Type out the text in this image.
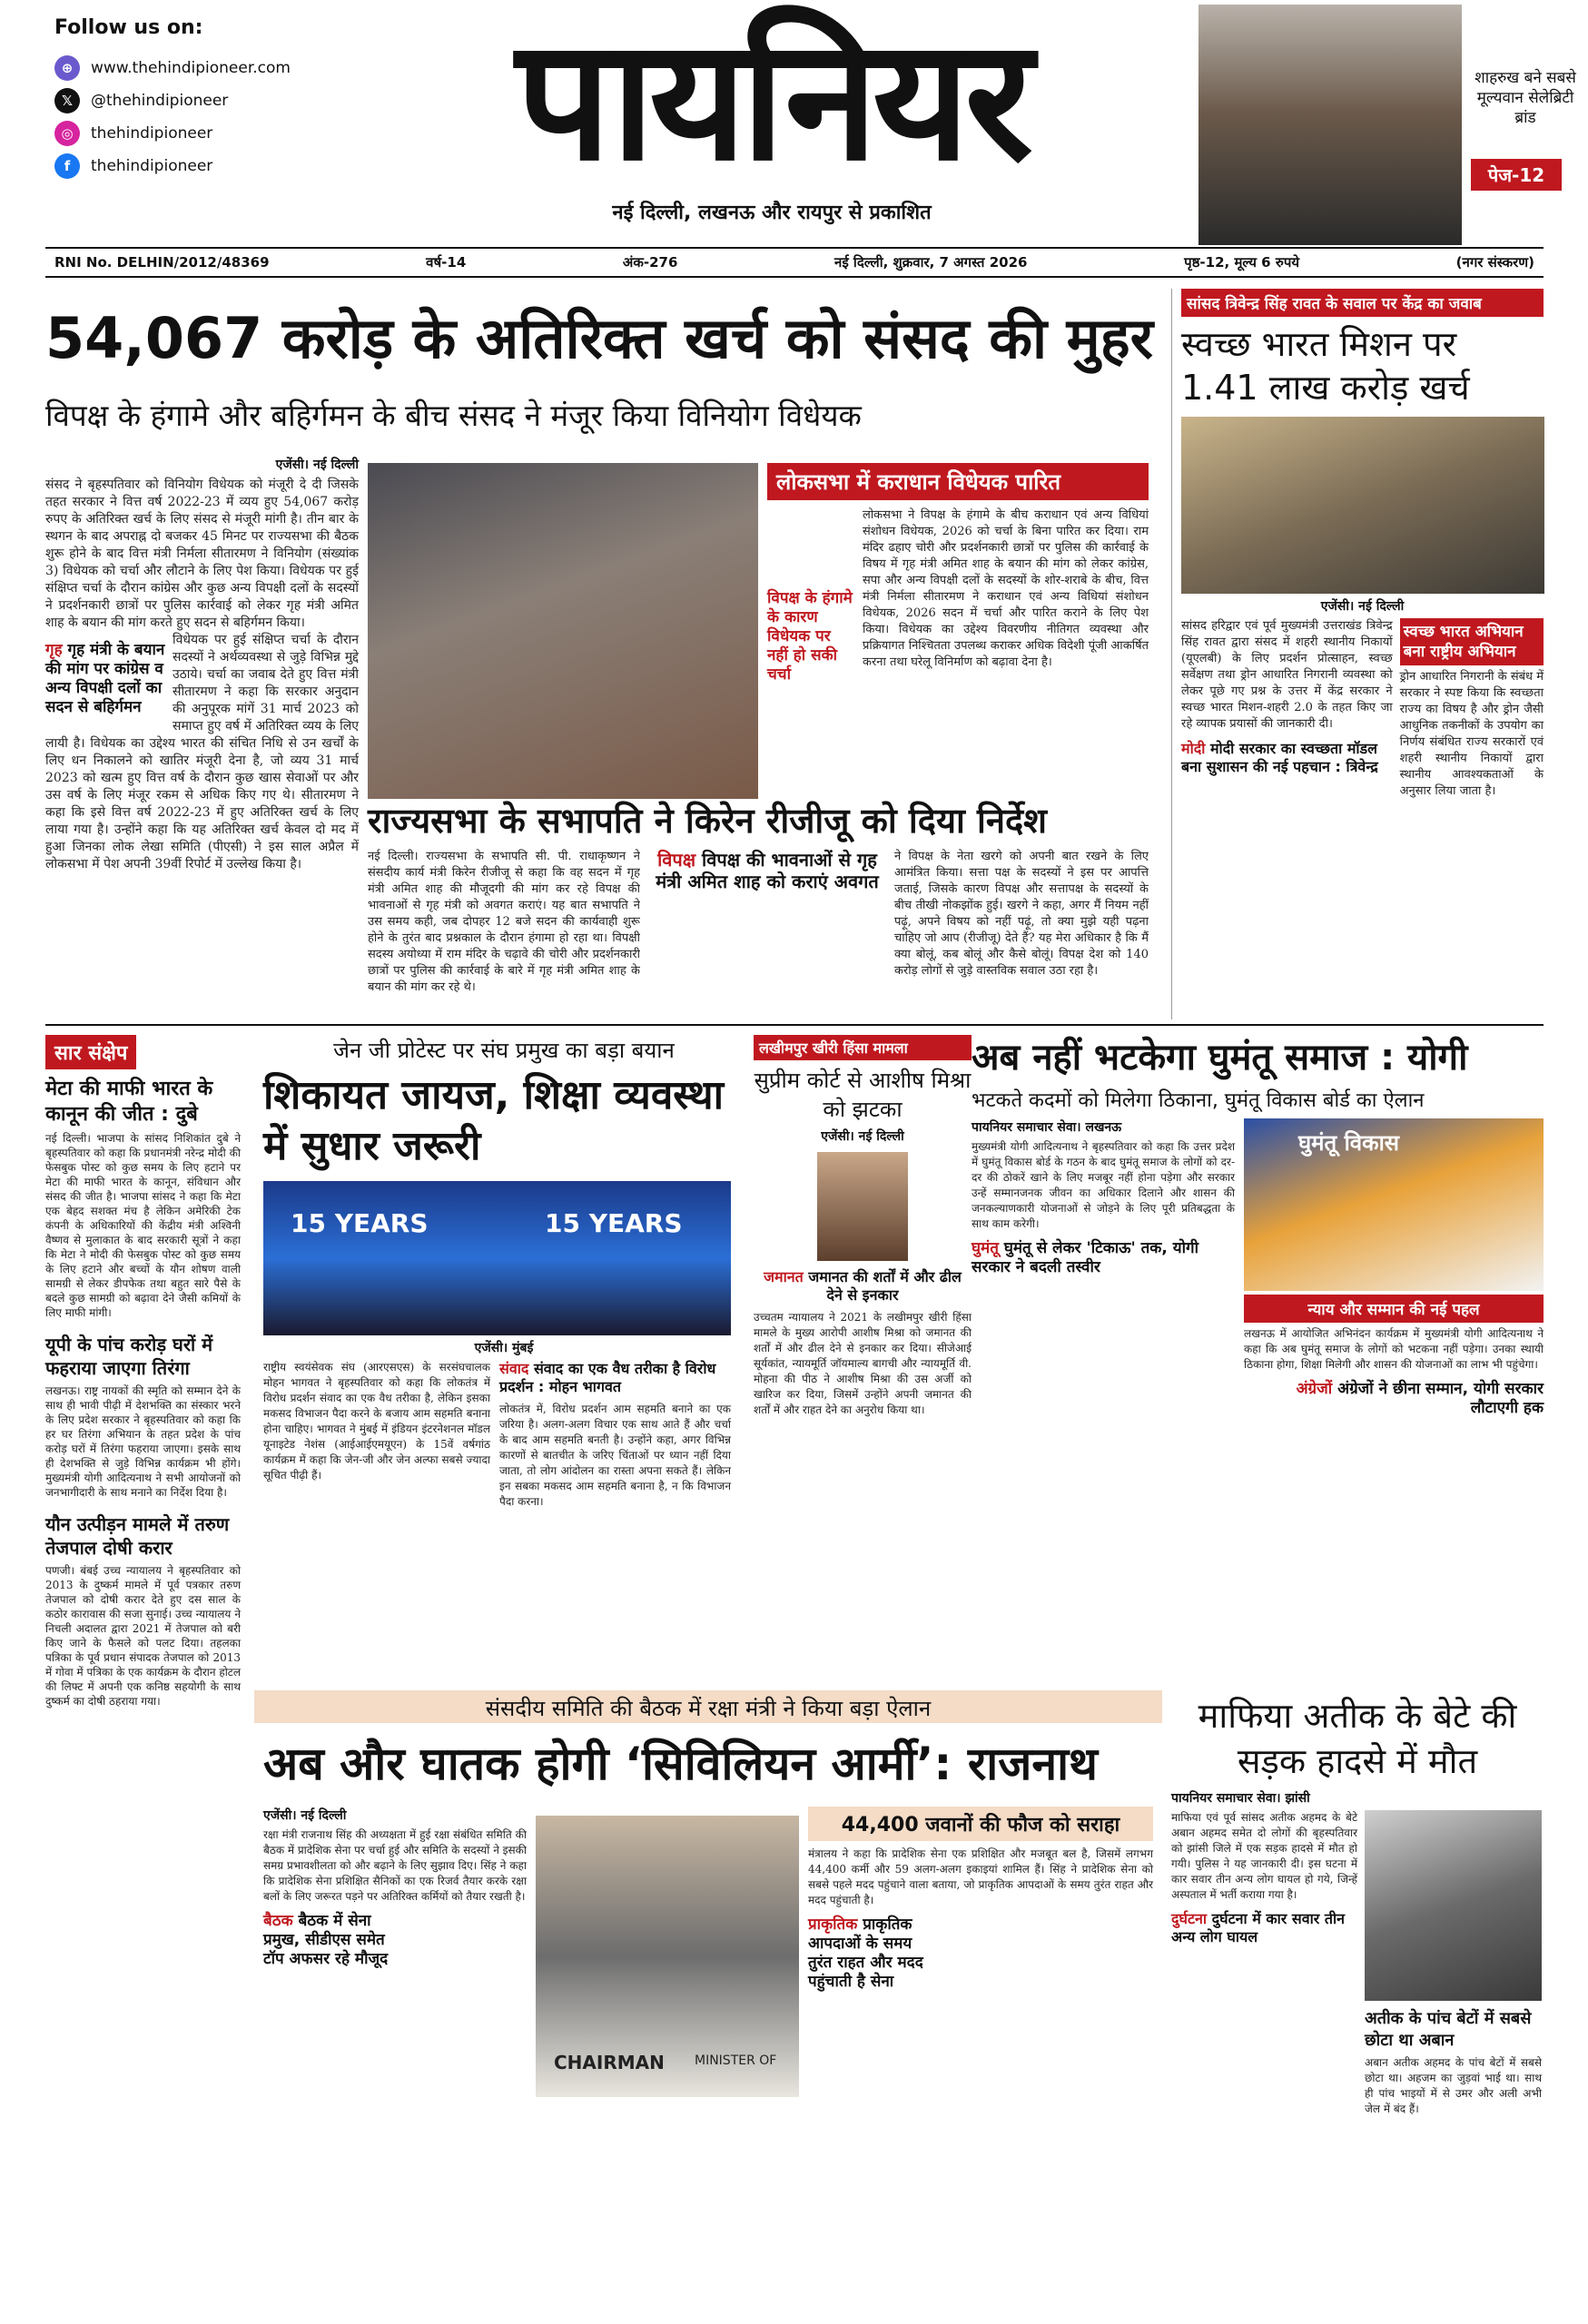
Follow us on:
⊕	www.thehindipioneer.com
𝕏	@thehindipioneer
◎	thehindipioneer
f	thehindipioneer	पायनियर
नई दिल्ली, लखनऊ और रायपुर से प्रकाशित
शाहरुख बने सबसे मूल्यवान सेलेब्रिटी ब्रांड
पेज-12
RNI No. DELHIN/2012/48369	वर्ष-14	अंक-276	नई दिल्ली, शुक्रवार, 7 अगस्त 2026	पृष्ठ-12, मूल्य 6 रुपये	(नगर संस्करण)
54,067 करोड़ के अतिरिक्त खर्च को संसद की मुहर
विपक्ष के हंगामे और बहिर्गमन के बीच संसद ने मंजूर किया विनियोग विधेयक
एजेंसी। नई दिल्ली
संसद ने बृहस्पतिवार को विनियोग विधेयक को मंजूरी दे दी जिसके तहत सरकार ने वित्त वर्ष 2022-23 में व्यय हुए 54,067 करोड़ रुपए के अतिरिक्त खर्च के लिए संसद से मंजूरी मांगी है। तीन बार के स्थगन के बाद अपराह्न दो बजकर 45 मिनट पर राज्यसभा की बैठक शुरू होने के बाद वित्त मंत्री निर्मला सीतारमण ने विनियोग (संख्यांक 3) विधेयक को चर्चा और लौटाने के लिए पेश किया। विधेयक पर हुई संक्षिप्त चर्चा के दौरान कांग्रेस और कुछ अन्य विपक्षी दलों के सदस्यों ने प्रदर्शनकारी छात्रों पर पुलिस कार्रवाई को लेकर गृह मंत्री अमित शाह के बयान की मांग करते हुए सदन से बहिर्गमन किया।
गृह गृह मंत्री के बयान की मांग पर कांग्रेस व अन्य विपक्षी दलों का सदन से बहिर्गमन
विधेयक पर हुई संक्षिप्त चर्चा के दौरान सदस्यों ने अर्थव्यवस्था से जुड़े विभिन्न मुद्दे उठाये। चर्चा का जवाब देते हुए वित्त मंत्री सीतारमण ने कहा कि सरकार अनुदान की अनुपूरक मांगें 31 मार्च 2023 को समाप्त हुए वर्ष में अतिरिक्त व्यय के लिए लायी है। विधेयक का उद्देश्य भारत की संचित निधि से उन खर्चों के लिए धन निकालने को खातिर मंजूरी देना है, जो व्यय 31 मार्च 2023 को खत्म हुए वित्त वर्ष के दौरान कुछ खास सेवाओं पर और उस वर्ष के लिए मंजूर रकम से अधिक किए गए थे। सीतारमण ने कहा कि इसे वित्त वर्ष 2022-23 में हुए अतिरिक्त खर्च के लिए लाया गया है। उन्होंने कहा कि यह अतिरिक्त खर्च केवल दो मद में हुआ जिनका लोक लेखा समिति (पीएसी) ने इस साल अप्रैल में लोकसभा में पेश अपनी 39वीं रिपोर्ट में उल्लेख किया है।
लोकसभा में कराधान विधेयक पारित
विपक्ष के हंगामे के कारण विधेयक पर नहीं हो सकी चर्चा
लोकसभा ने विपक्ष के हंगामे के बीच कराधान एवं अन्य विधियां संशोधन विधेयक, 2026 को चर्चा के बिना पारित कर दिया। राम मंदिर ढहाए चोरी और प्रदर्शनकारी छात्रों पर पुलिस की कार्रवाई के विषय में गृह मंत्री अमित शाह के बयान की मांग को लेकर कांग्रेस, सपा और अन्य विपक्षी दलों के सदस्यों के शोर-शराबे के बीच, वित्त मंत्री निर्मला सीतारमण ने कराधान एवं अन्य विधियां संशोधन विधेयक, 2026 सदन में चर्चा और पारित कराने के लिए पेश किया। विधेयक का उद्देश्य विवरणीय नीतिगत व्यवस्था और प्रक्रियागत निश्चितता उपलब्ध कराकर अधिक विदेशी पूंजी आकर्षित करना तथा घरेलू विनिर्माण को बढ़ावा देना है।
राज्यसभा के सभापति ने किरेन रीजीजू को दिया निर्देश
नई दिल्ली। राज्यसभा के सभापति सी. पी. राधाकृष्णन ने संसदीय कार्य मंत्री किरेन रीजीजू से कहा कि वह सदन में गृह मंत्री अमित शाह की मौजूदगी की मांग कर रहे विपक्ष की भावनाओं से गृह मंत्री को अवगत कराएं। यह बात सभापति ने उस समय कही, जब दोपहर 12 बजे सदन की कार्यवाही शुरू होने के तुरंत बाद प्रश्नकाल के दौरान हंगामा हो रहा था। विपक्षी सदस्य अयोध्या में राम मंदिर के चढ़ावे की चोरी और प्रदर्शनकारी छात्रों पर पुलिस की कार्रवाई के बारे में गृह मंत्री अमित शाह के बयान की मांग कर रहे थे।
विपक्ष विपक्ष की भावनाओं से गृह मंत्री अमित शाह को कराएं अवगत
ने विपक्ष के नेता खरगे को अपनी बात रखने के लिए आमंत्रित किया। सत्ता पक्ष के सदस्यों ने इस पर आपत्ति जताई, जिसके कारण विपक्ष और सत्तापक्ष के सदस्यों के बीच तीखी नोकझोंक हुई। खरगे ने कहा, अगर मैं नियम नहीं पढ़ूं, अपने विषय को नहीं पढ़ूं, तो क्या मुझे यही पढ़ना चाहिए जो आप (रीजीजू) देते हैं? यह मेरा अधिकार है कि मैं क्या बोलूं, कब बोलूं और कैसे बोलूं। विपक्ष देश को 140 करोड़ लोगों से जुड़े वास्तविक सवाल उठा रहा है।
सांसद त्रिवेन्द्र सिंह रावत के सवाल पर केंद्र का जवाब
स्वच्छ भारत मिशन पर 1.41 लाख करोड़ खर्च
एजेंसी। नई दिल्ली
सांसद हरिद्वार एवं पूर्व मुख्यमंत्री उत्तराखंड त्रिवेन्द्र सिंह रावत द्वारा संसद में शहरी स्थानीय निकायों (यूएलबी) के लिए प्रदर्शन प्रोत्साहन, स्वच्छ सर्वेक्षण तथा ड्रोन आधारित निगरानी व्यवस्था को लेकर पूछे गए प्रश्न के उत्तर में केंद्र सरकार ने स्वच्छ भारत मिशन-शहरी 2.0 के तहत किए जा रहे व्यापक प्रयासों की जानकारी दी।
मोदी मोदी सरकार का स्वच्छता मॉडल बना सुशासन की नई पहचान : त्रिवेन्द्र
स्वच्छ भारत अभियान बना राष्ट्रीय अभियान
ड्रोन आधारित निगरानी के संबंध में सरकार ने स्पष्ट किया कि स्वच्छता राज्य का विषय है और ड्रोन जैसी आधुनिक तकनीकों के उपयोग का निर्णय संबंधित राज्य सरकारों एवं शहरी स्थानीय निकायों द्वारा स्थानीय आवश्यकताओं के अनुसार लिया जाता है।
सार संक्षेप
मेटा की माफी भारत के कानून की जीत : दुबे
नई दिल्ली। भाजपा के सांसद निशिकांत दुबे ने बृहस्पतिवार को कहा कि प्रधानमंत्री नरेन्द्र मोदी की फेसबुक पोस्ट को कुछ समय के लिए हटाने पर मेटा की माफी भारत के कानून, संविधान और संसद की जीत है। भाजपा सांसद ने कहा कि मेटा एक बेहद सशक्त मंच है लेकिन अमेरिकी टेक कंपनी के अधिकारियों की केंद्रीय मंत्री अश्विनी वैष्णव से मुलाकात के बाद सरकारी सूत्रों ने कहा कि मेटा ने मोदी की फेसबुक पोस्ट को कुछ समय के लिए हटाने और बच्चों के यौन शोषण वाली सामग्री से लेकर डीपफेक तथा बहुत सारे पैसे के बदले कुछ सामग्री को बढ़ावा देने जैसी कमियों के लिए माफी मांगी।
यूपी के पांच करोड़ घरों में फहराया जाएगा तिरंगा
लखनऊ। राष्ट्र नायकों की स्मृति को सम्मान देने के साथ ही भावी पीढ़ी में देशभक्ति का संस्कार भरने के लिए प्रदेश सरकार ने बृहस्पतिवार को कहा कि हर घर तिरंगा अभियान के तहत प्रदेश के पांच करोड़ घरों में तिरंगा फहराया जाएगा। इसके साथ ही देशभक्ति से जुड़े विभिन्न कार्यक्रम भी होंगे। मुख्यमंत्री योगी आदित्यनाथ ने सभी आयोजनों को जनभागीदारी के साथ मनाने का निर्देश दिया है।
यौन उत्पीड़न मामले में तरुण तेजपाल दोषी करार
पणजी। बंबई उच्च न्यायालय ने बृहस्पतिवार को 2013 के दुष्कर्म मामले में पूर्व पत्रकार तरुण तेजपाल को दोषी करार देते हुए दस साल के कठोर कारावास की सजा सुनाई। उच्च न्यायालय ने निचली अदालत द्वारा 2021 में तेजपाल को बरी किए जाने के फैसले को पलट दिया। तहलका पत्रिका के पूर्व प्रधान संपादक तेजपाल को 2013 में गोवा में पत्रिका के एक कार्यक्रम के दौरान होटल की लिफ्ट में अपनी एक कनिष्ठ सहयोगी के साथ दुष्कर्म का दोषी ठहराया गया।
जेन जी प्रोटेस्ट पर संघ प्रमुख का बड़ा बयान
शिकायत जायज, शिक्षा व्यवस्था में सुधार जरूरी
15 YEARS	15 YEARS
एजेंसी। मुंबई
राष्ट्रीय स्वयंसेवक संघ (आरएसएस) के सरसंघचालक मोहन भागवत ने बृहस्पतिवार को कहा कि लोकतंत्र में विरोध प्रदर्शन संवाद का एक वैध तरीका है, लेकिन इसका मकसद विभाजन पैदा करने के बजाय आम सहमति बनाना होना चाहिए। भागवत ने मुंबई में इंडियन इंटरनेशनल मॉडल यूनाइटेड नेशंस (आईआईएमयूएन) के 15वें वर्षगांठ कार्यक्रम में कहा कि जेन-जी और जेन अल्फा सबसे ज्यादा सूचित पीढ़ी हैं।
संवाद संवाद का एक वैध तरीका है विरोध प्रदर्शन : मोहन भागवत
लोकतंत्र में, विरोध प्रदर्शन आम सहमति बनाने का एक जरिया है। अलग-अलग विचार एक साथ आते हैं और चर्चा के बाद आम सहमति बनती है। उन्होंने कहा, अगर विभिन्न कारणों से बातचीत के जरिए चिंताओं पर ध्यान नहीं दिया जाता, तो लोग आंदोलन का रास्ता अपना सकते हैं। लेकिन इन सबका मकसद आम सहमति बनाना है, न कि विभाजन पैदा करना।
लखीमपुर खीरी हिंसा मामला
सुप्रीम कोर्ट से आशीष मिश्रा को झटका
एजेंसी। नई दिल्ली
जमानत जमानत की शर्तों में और ढील देने से इनकार
उच्चतम न्यायालय ने 2021 के लखीमपुर खीरी हिंसा मामले के मुख्य आरोपी आशीष मिश्रा को जमानत की शर्तों में और ढील देने से इनकार कर दिया। सीजेआई सूर्यकांत, न्यायमूर्ति जॉयमाल्य बागची और न्यायमूर्ति वी. मोहना की पीठ ने आशीष मिश्रा की उस अर्जी को खारिज कर दिया, जिसमें उन्होंने अपनी जमानत की शर्तों में और राहत देने का अनुरोध किया था।
अब नहीं भटकेगा घुमंतू समाज : योगी
भटकते कदमों को मिलेगा ठिकाना, घुमंतू विकास बोर्ड का ऐलान
पायनियर समाचार सेवा। लखनऊ
मुख्यमंत्री योगी आदित्यनाथ ने बृहस्पतिवार को कहा कि उत्तर प्रदेश में घुमंतू विकास बोर्ड के गठन के बाद घुमंतू समाज के लोगों को दर-दर की ठोकरें खाने के लिए मजबूर नहीं होना पड़ेगा और सरकार उन्हें सम्मानजनक जीवन का अधिकार दिलाने और शासन की जनकल्याणकारी योजनाओं से जोड़ने के लिए पूरी प्रतिबद्धता के साथ काम करेगी।
घुमंतू घुमंतू से लेकर 'टिकाऊ' तक, योगी सरकार ने बदली तस्वीर
घुमंतू विकास
न्याय और सम्मान की नई पहल
लखनऊ में आयोजित अभिनंदन कार्यक्रम में मुख्यमंत्री योगी आदित्यनाथ ने कहा कि अब घुमंतू समाज के लोगों को भटकना नहीं पड़ेगा। उनका स्थायी ठिकाना होगा, शिक्षा मिलेगी और शासन की योजनाओं का लाभ भी पहुंचेगा।
अंग्रेजों अंग्रेजों ने छीना सम्मान, योगी सरकार लौटाएगी हक
संसदीय समिति की बैठक में रक्षा मंत्री ने किया बड़ा ऐलान
अब और घातक होगी ‘सिविलियन आर्मी’: राजनाथ
एजेंसी। नई दिल्ली
रक्षा मंत्री राजनाथ सिंह की अध्यक्षता में हुई रक्षा संबंधित समिति की बैठक में प्रादेशिक सेना पर चर्चा हुई और समिति के सदस्यों ने इसकी समग्र प्रभावशीलता को और बढ़ाने के लिए सुझाव दिए। सिंह ने कहा कि प्रादेशिक सेना प्रशिक्षित सैनिकों का एक रिजर्व तैयार करके रक्षा बलों के लिए जरूरत पड़ने पर अतिरिक्त कर्मियों को तैयार रखती है।
बैठक बैठक में सेना प्रमुख, सीडीएस समेत टॉप अफसर रहे मौजूद
CHAIRMAN MINISTER OF
44,400 जवानों की फौज को सराहा
मंत्रालय ने कहा कि प्रादेशिक सेना एक प्रशिक्षित और मजबूत बल है, जिसमें लगभग 44,400 कर्मी और 59 अलग-अलग इकाइयां शामिल हैं। सिंह ने प्रादेशिक सेना को सबसे पहले मदद पहुंचाने वाला बताया, जो प्राकृतिक आपदाओं के समय तुरंत राहत और मदद पहुंचाती है।
प्राकृतिक प्राकृतिक आपदाओं के समय तुरंत राहत और मदद पहुंचाती है सेना
माफिया अतीक के बेटे की सड़क हादसे में मौत
पायनियर समाचार सेवा। झांसी
माफिया एवं पूर्व सांसद अतीक अहमद के बेटे अबान अहमद समेत दो लोगों की बृहस्पतिवार को झांसी जिले में एक सड़क हादसे में मौत हो गयी। पुलिस ने यह जानकारी दी। इस घटना में कार सवार तीन अन्य लोग घायल हो गये, जिन्हें अस्पताल में भर्ती कराया गया है।
दुर्घटना दुर्घटना में कार सवार तीन अन्य लोग घायल
अतीक के पांच बेटों में सबसे छोटा था अबान
अबान अतीक अहमद के पांच बेटों में सबसे छोटा था। अहजम का जुड़वां भाई था। साथ ही पांच भाइयों में से उमर और अली अभी जेल में बंद हैं।
